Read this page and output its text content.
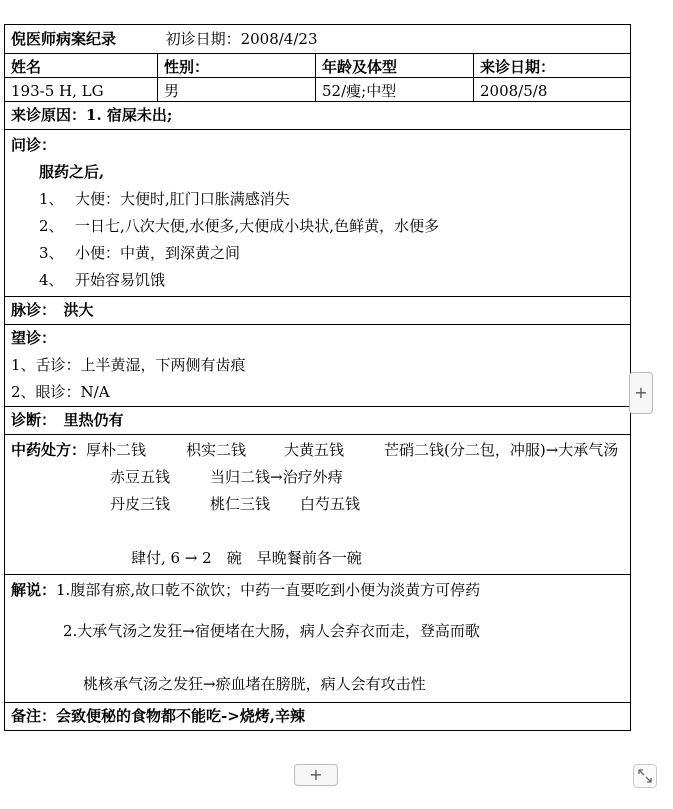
倪医师病案纪录	初诊日期：2008/4/23
姓名	性别：	年龄及体型	来诊日期：
193-5 H, LG	男	52/瘦;中型	2008/5/8
来诊原因：1. 宿屎未出;
问诊：
服药之后,
1、 大便：大便时,肛门口胀满感消失
2、 一日七,八次大便,水便多,大便成小块状,色鲜黄，水便多
3、 小便：中黄，到深黄之间
4、 开始容易饥饿
脉诊：　洪大
望诊：
1、舌诊：上半黄湿，下两侧有齿痕
2、眼诊：N/A
诊断：　里热仍有
中药处方：厚朴二钱	枳实二钱	大黄五钱	芒硝二钱(分二包，冲服)→大承气汤
赤豆五钱	当归二钱→治疗外痔
丹皮三钱	桃仁三钱 白芍五钱
肆付, 6 → 2　碗　早晚餐前各一碗
解说：1.腹部有瘀,故口乾不欲饮；中药一直要吃到小便为淡黄方可停药
2.大承气汤之发狂→宿便堵在大肠，病人会弃衣而走，登高而歌
桃核承气汤之发狂→瘀血堵在膀胱，病人会有攻击性
备注：会致便秘的食物都不能吃->烧烤,辛辣
+
+
